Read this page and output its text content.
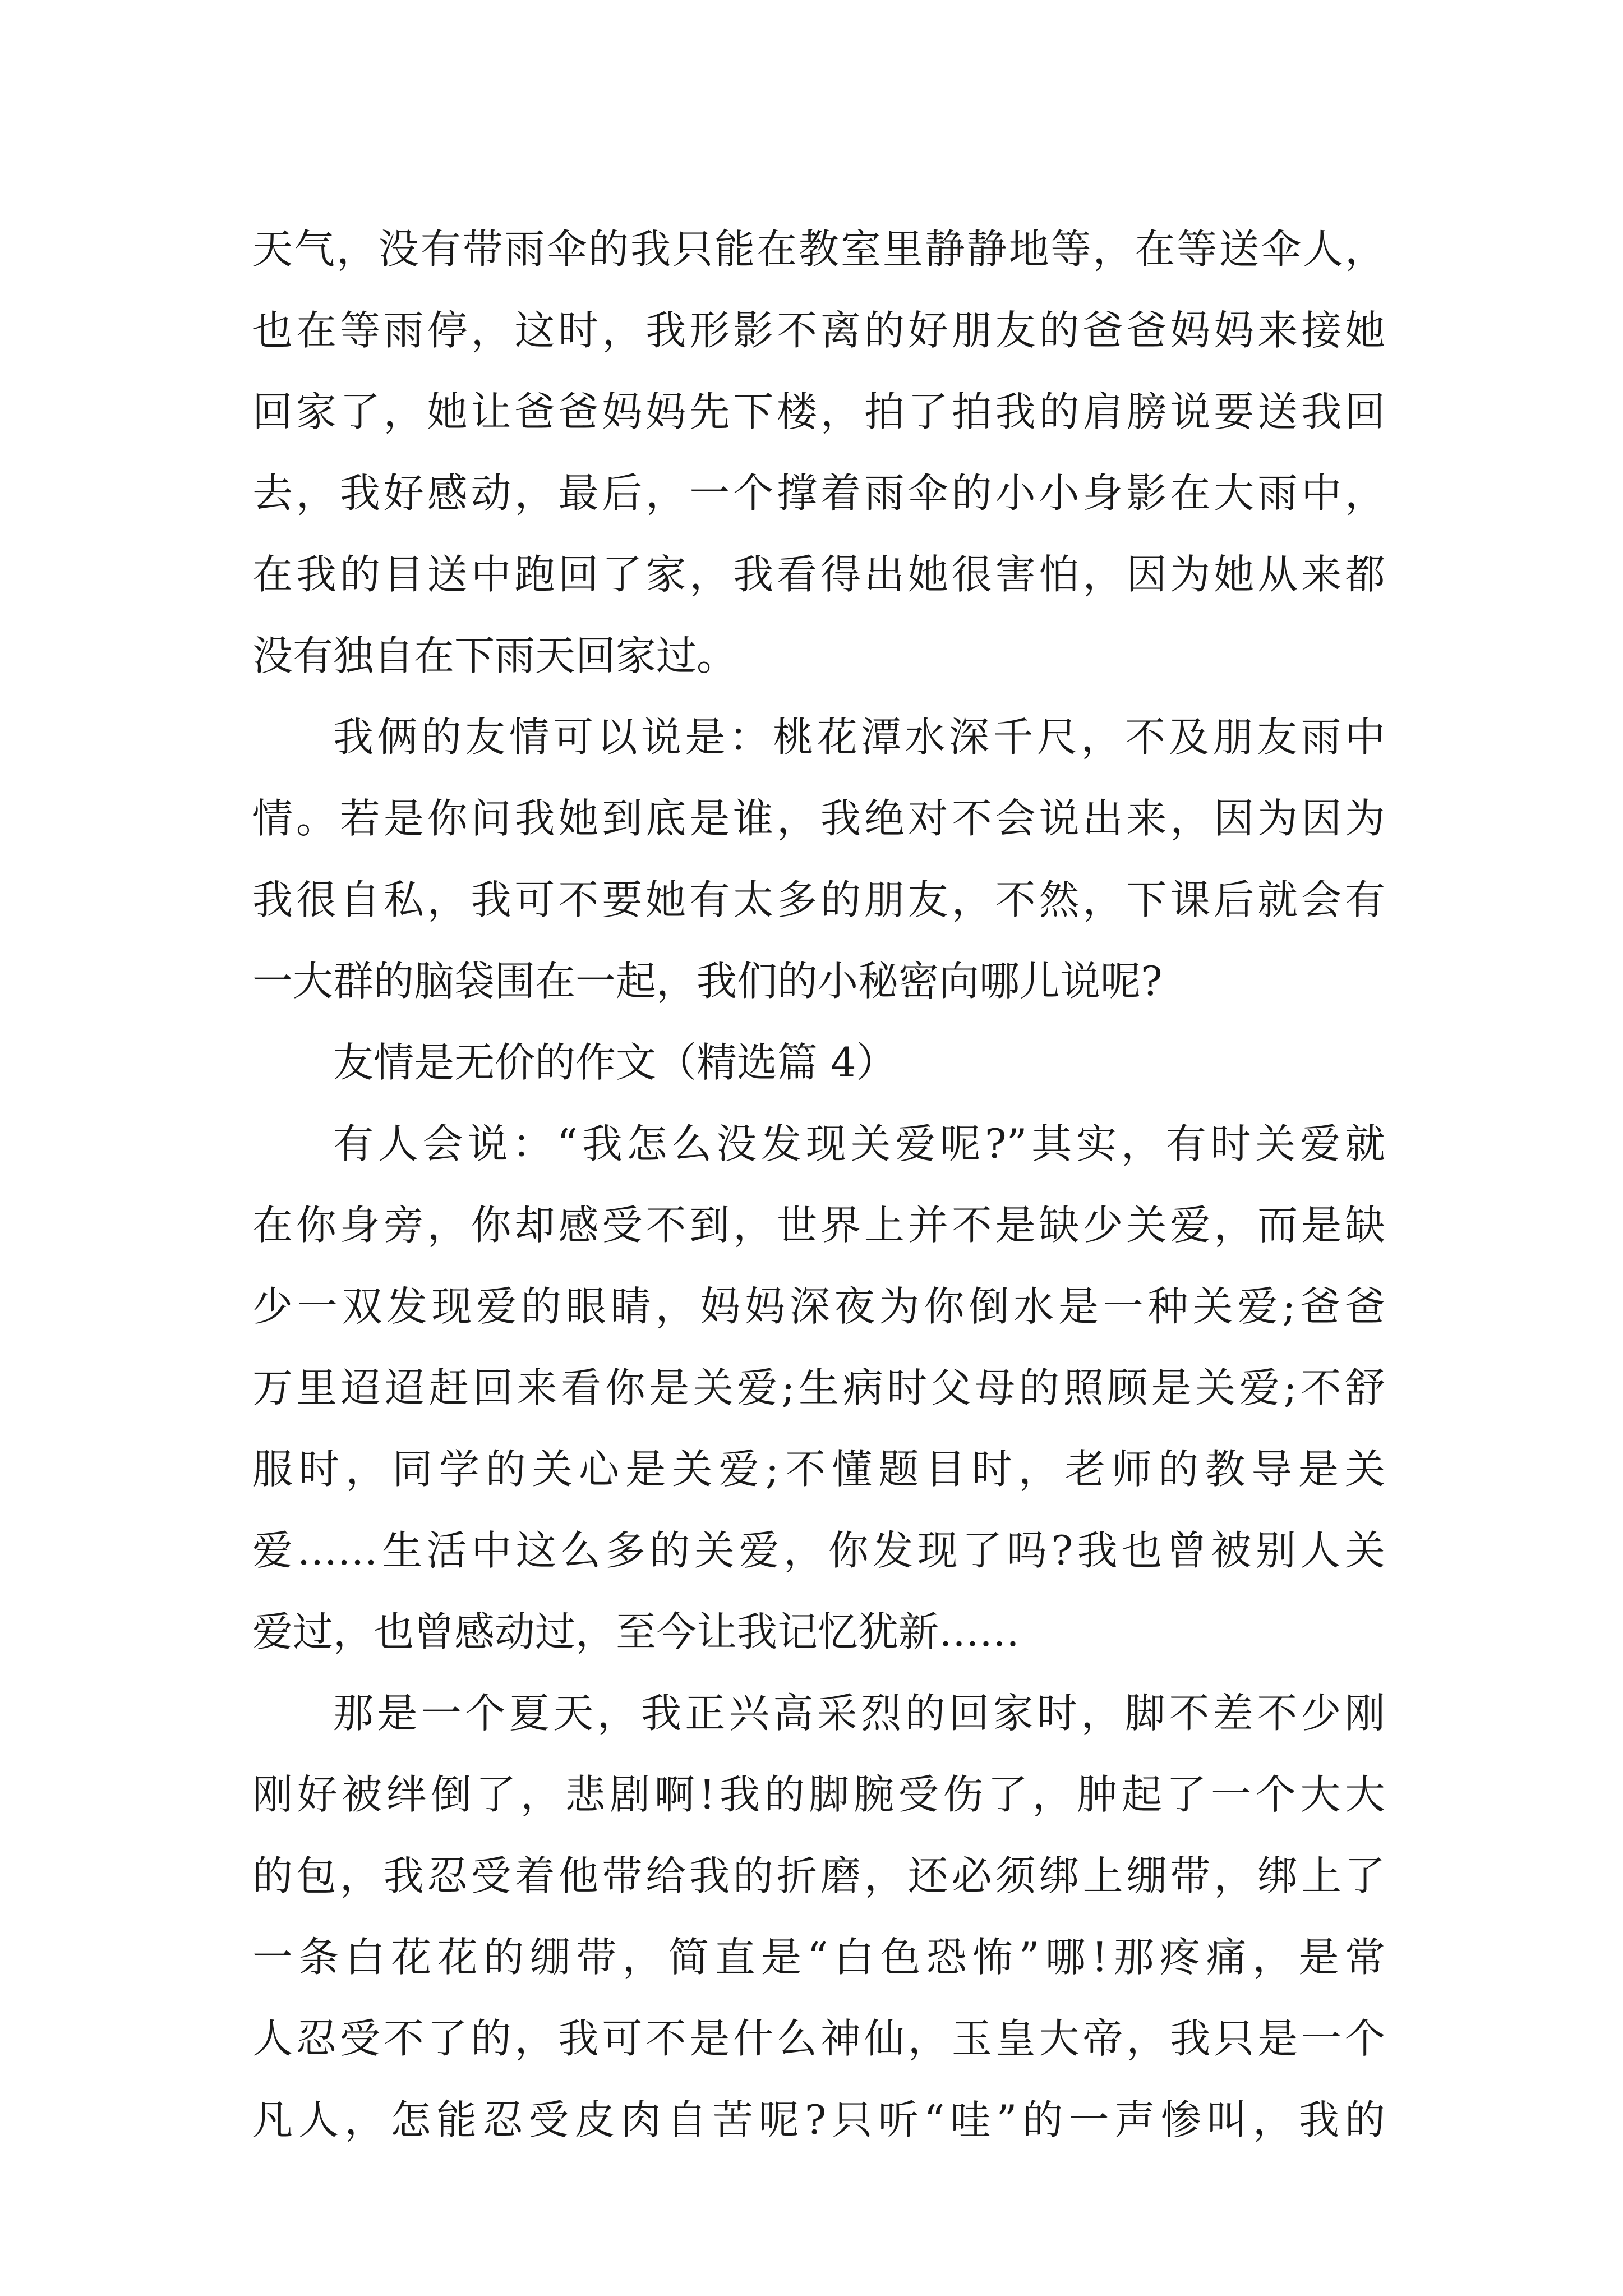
天气，没有带雨伞的我只能在教室里静静地等，在等送伞人，
也在等雨停，这时，我形影不离的好朋友的爸爸妈妈来接她
回家了，她让爸爸妈妈先下楼，拍了拍我的肩膀说要送我回
去，我好感动，最后，一个撑着雨伞的小小身影在大雨中，
在我的目送中跑回了家，我看得出她很害怕，因为她从来都
没有独自在下雨天回家过。
我俩的友情可以说是：桃花潭水深千尺，不及朋友雨中
情。若是你问我她到底是谁，我绝对不会说出来，因为因为
我很自私，我可不要她有太多的朋友，不然，下课后就会有
一大群的脑袋围在一起，我们的小秘密向哪儿说呢?
友情是无价的作文（精选篇 4）
有人会说：“我怎么没发现关爱呢?”其实，有时关爱就
在你身旁，你却感受不到，世界上并不是缺少关爱，而是缺
少一双发现爱的眼睛，妈妈深夜为你倒水是一种关爱;爸爸
万里迢迢赶回来看你是关爱;生病时父母的照顾是关爱;不舒
服时，同学的关心是关爱;不懂题目时，老师的教导是关
爱……生活中这么多的关爱，你发现了吗?我也曾被别人关
爱过，也曾感动过，至今让我记忆犹新……
那是一个夏天，我正兴高采烈的回家时，脚不差不少刚
刚好被绊倒了，悲剧啊!我的脚腕受伤了，肿起了一个大大
的包，我忍受着他带给我的折磨，还必须绑上绷带，绑上了
一条白花花的绷带，简直是“白色恐怖”哪!那疼痛，是常
人忍受不了的，我可不是什么神仙，玉皇大帝，我只是一个
凡人，怎能忍受皮肉自苦呢?只听“哇”的一声惨叫，我的
